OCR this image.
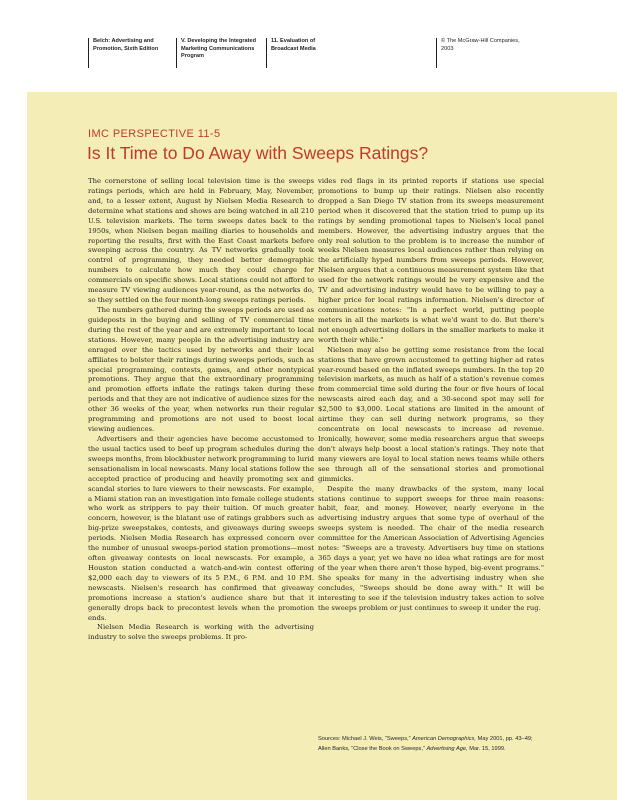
Belch: Advertising and Promotion, Sixth Edition
V. Developing the Integrated Marketing Communications Program
11. Evaluation of Broadcast Media
© The McGraw-Hill Companies, 2003
IMC PERSPECTIVE 11-5
Is It Time to Do Away with Sweeps Ratings?

The cornerstone of selling local television time is the sweeps ratings periods, which are held in February, May, November, and, to a lesser extent, August by Nielsen Media Research to determine what stations and shows are being watched in all 210 U.S. television markets. The term sweeps dates back to the 1950s, when Nielsen began mailing diaries to households and reporting the results, first with the East Coast markets before sweeping across the country. As TV networks gradually took control of programming, they needed better demographic numbers to calculate how much they could charge for commercials on specific shows. Local stations could not afford to measure TV viewing audiences year-round, as the networks do, so they settled on the four month-long sweeps ratings periods.

The numbers gathered during the sweeps periods are used as guideposts in the buying and selling of TV commercial time during the rest of the year and are extremely important to local stations. However, many people in the advertising industry are enraged over the tactics used by networks and their local affiliates to bolster their ratings during sweeps periods, such as special programming, contests, games, and other nontypical promotions. They argue that the extraordinary programming and promotion efforts inflate the ratings taken during these periods and that they are not indicative of audience sizes for the other 36 weeks of the year, when networks run their regular programming and promotions are not used to boost local viewing audiences.

Advertisers and their agencies have become accustomed to the usual tactics used to beef up program schedules during the sweeps months, from blockbuster network programming to lurid sensationalism in local newscasts. Many local stations follow the accepted practice of producing and heavily promoting sex and scandal stories to lure viewers to their newscasts. For example, a Miami station ran an investigation into female college students who work as strippers to pay their tuition. Of much greater concern, however, is the blatant use of ratings grabbers such as big-prize sweepstakes, contests, and giveaways during sweeps periods. Nielsen Media Research has expressed concern over the number of unusual sweeps-period station promotions—most often giveaway contests on local newscasts. For example, a Houston station conducted a watch-and-win contest offering $2,000 each day to viewers of its 5 P.M., 6 P.M. and 10 P.M. newscasts. Nielsen's research has confirmed that giveaway promotions increase a station's audience share but that it generally drops back to precontest levels when the promotion ends.

Nielsen Media Research is working with the advertising industry to solve the sweeps problems. It pro-

vides red flags in its printed reports if stations use special promotions to bump up their ratings. Nielsen also recently dropped a San Diego TV station from its sweeps measurement period when it discovered that the station tried to pump up its ratings by sending promotional tapes to Nielsen's local panel members. However, the advertising industry argues that the only real solution to the problem is to increase the number of weeks Nielsen measures local audiences rather than relying on the artificially hyped numbers from sweeps periods. However, Nielsen argues that a continuous measurement system like that used for the network ratings would be very expensive and the TV and advertising industry would have to be willing to pay a higher price for local ratings information. Nielsen's director of communications notes: "In a perfect world, putting people meters in all the markets is what we'd want to do. But there's not enough advertising dollars in the smaller markets to make it worth their while."

Nielsen may also be getting some resistance from the local stations that have grown accustomed to getting higher ad rates year-round based on the inflated sweeps numbers. In the top 20 television markets, as much as half of a station's revenue comes from commercial time sold during the four or five hours of local newscasts aired each day, and a 30-second spot may sell for $2,500 to $3,000. Local stations are limited in the amount of airtime they can sell during network programs, so they concentrate on local newscasts to increase ad revenue. Ironically, however, some media researchers argue that sweeps don't always help boost a local station's ratings. They note that many viewers are loyal to local station news teams while others see through all of the sensational stories and promotional gimmicks.

Despite the many drawbacks of the system, many local stations continue to support sweeps for three main reasons: habit, fear, and money. However, nearly everyone in the advertising industry argues that some type of overhaul of the sweeps system is needed. The chair of the media research committee for the American Association of Advertising Agencies notes: "Sweeps are a travesty. Advertisers buy time on stations 365 days a year, yet we have no idea what ratings are for most of the year when there aren't those hyped, big-event programs." She speaks for many in the advertising industry when she concludes, "Sweeps should be done away with." It will be interesting to see if the television industry takes action to solve the sweeps problem or just continues to sweep it under the rug.

Sources: Michael J. Weis, “Sweeps,” American Demographics, May 2001, pp. 43–49; Allen Banks, “Close the Book on Sweeps,” Advertising Age, Mar. 15, 1999.
